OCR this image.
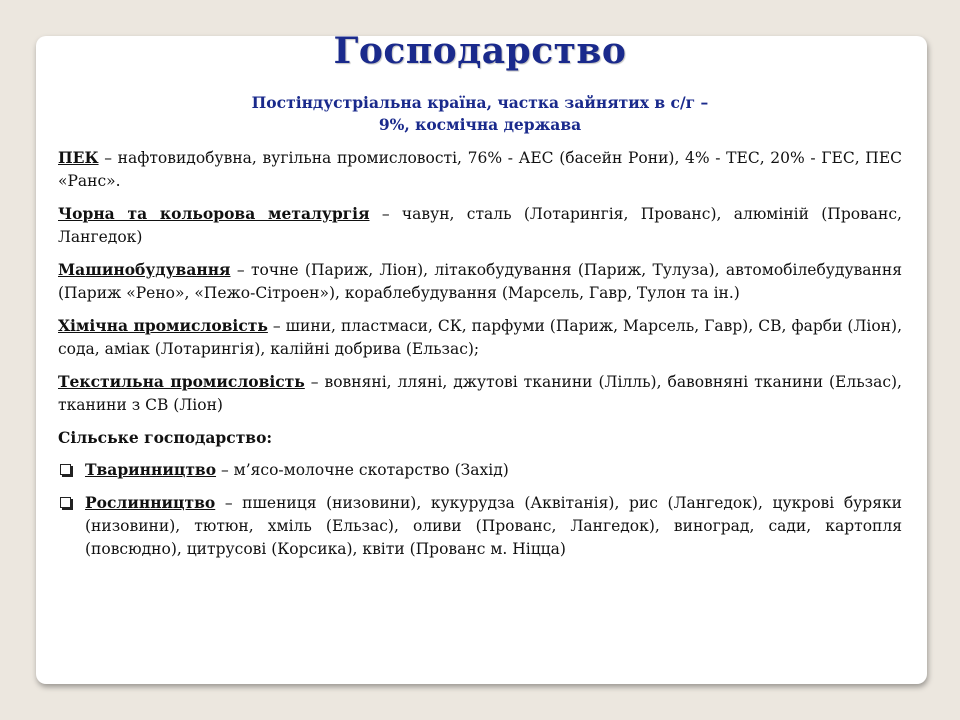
Господарство
Постіндустріальна країна, частка зайнятих в с/г –
9%, космічна держава

ПЕК – нафтовидобувна, вугільна промисловості, 76% - АЕС (басейн Рони), 4% - ТЕС, 20% - ГЕС, ПЕС «Ранс».

Чорна та кольорова металургія – чавун, сталь (Лотарингія, Прованс), алюміній (Прованс, Лангедок)

Машинобудування – точне (Париж, Ліон), літакобудування (Париж, Тулуза), автомобілебудування (Париж «Рено», «Пежо-Сітроен»), кораблебудування (Марсель, Гавр, Тулон та ін.)

Хімічна промисловість – шини, пластмаси, СК, парфуми (Париж, Марсель, Гавр), СВ, фарби (Ліон), сода, аміак (Лотарингія), калійні добрива (Ельзас);

Текстильна промисловість – вовняні, лляні, джутові тканини (Лілль), бавовняні тканини (Ельзас), тканини з СВ (Ліон)

Сільське господарство:

Тваринництво – м’ясо-молочне скотарство (Захід)
Рослинництво – пшениця (низовини), кукурудза (Аквітанія), рис (Лангедок), цукрові буряки (низовини), тютюн, хміль (Ельзас), оливи (Прованс, Лангедок), виноград, сади, картопля (повсюдно), цитрусові (Корсика), квіти (Прованс м. Ніцца)
